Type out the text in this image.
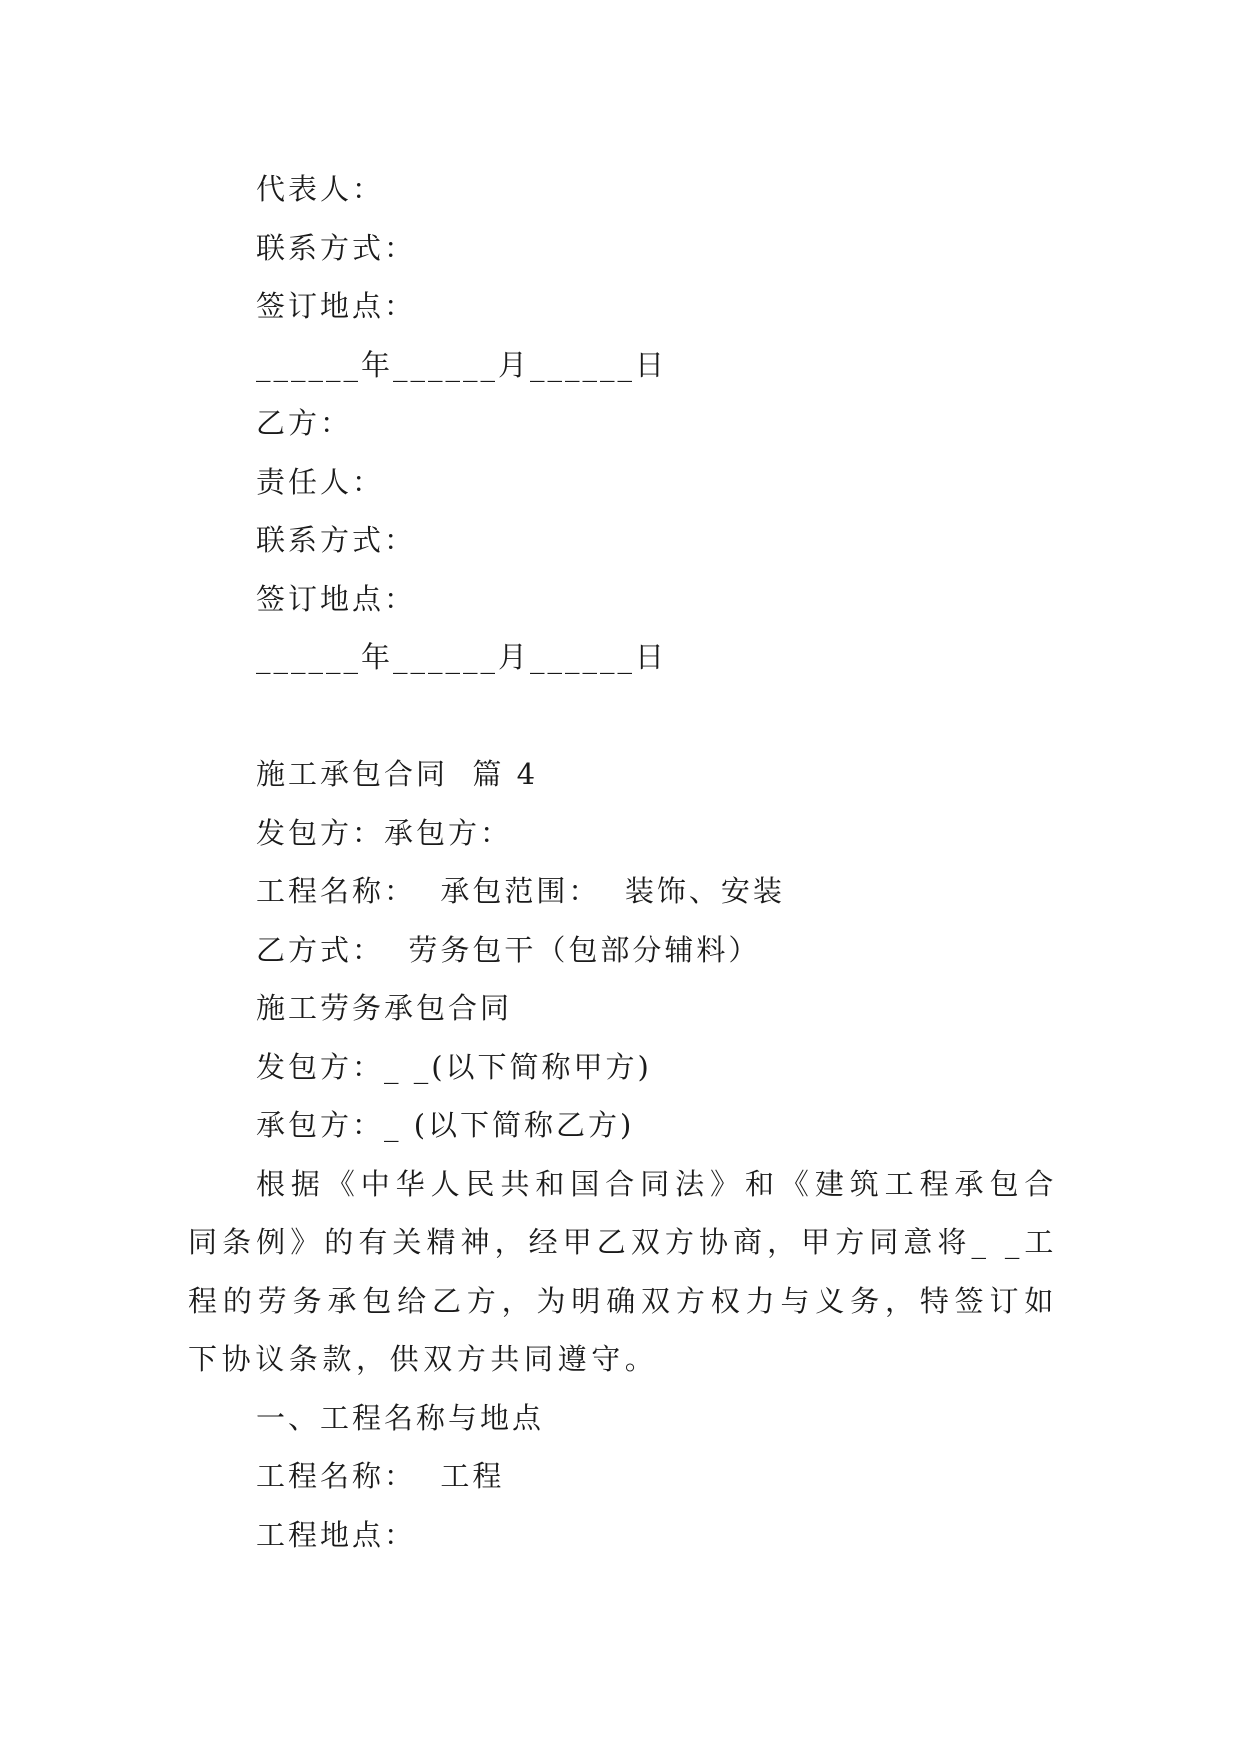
代表人：
联系方式：
签订地点：
______年______月______日
乙方：
责任人：
联系方式：
签订地点：
______年______月______日
施工承包合同  篇 4
发包方：承包方：
工程名称：  承包范围：  装饰、安装
乙方式：  劳务包干（包部分辅料）
施工劳务承包合同
发包方：_ _(以下简称甲方)
承包方：_ (以下简称乙方)

根据《中华人民共和国合同法》和《建筑工程承包合同条例》的有关精神，经甲乙双方协商，甲方同意将_ _工程的劳务承包给乙方，为明确双方权力与义务，特签订如下协议条款，供双方共同遵守。

一、工程名称与地点
工程名称：  工程
工程地点：
